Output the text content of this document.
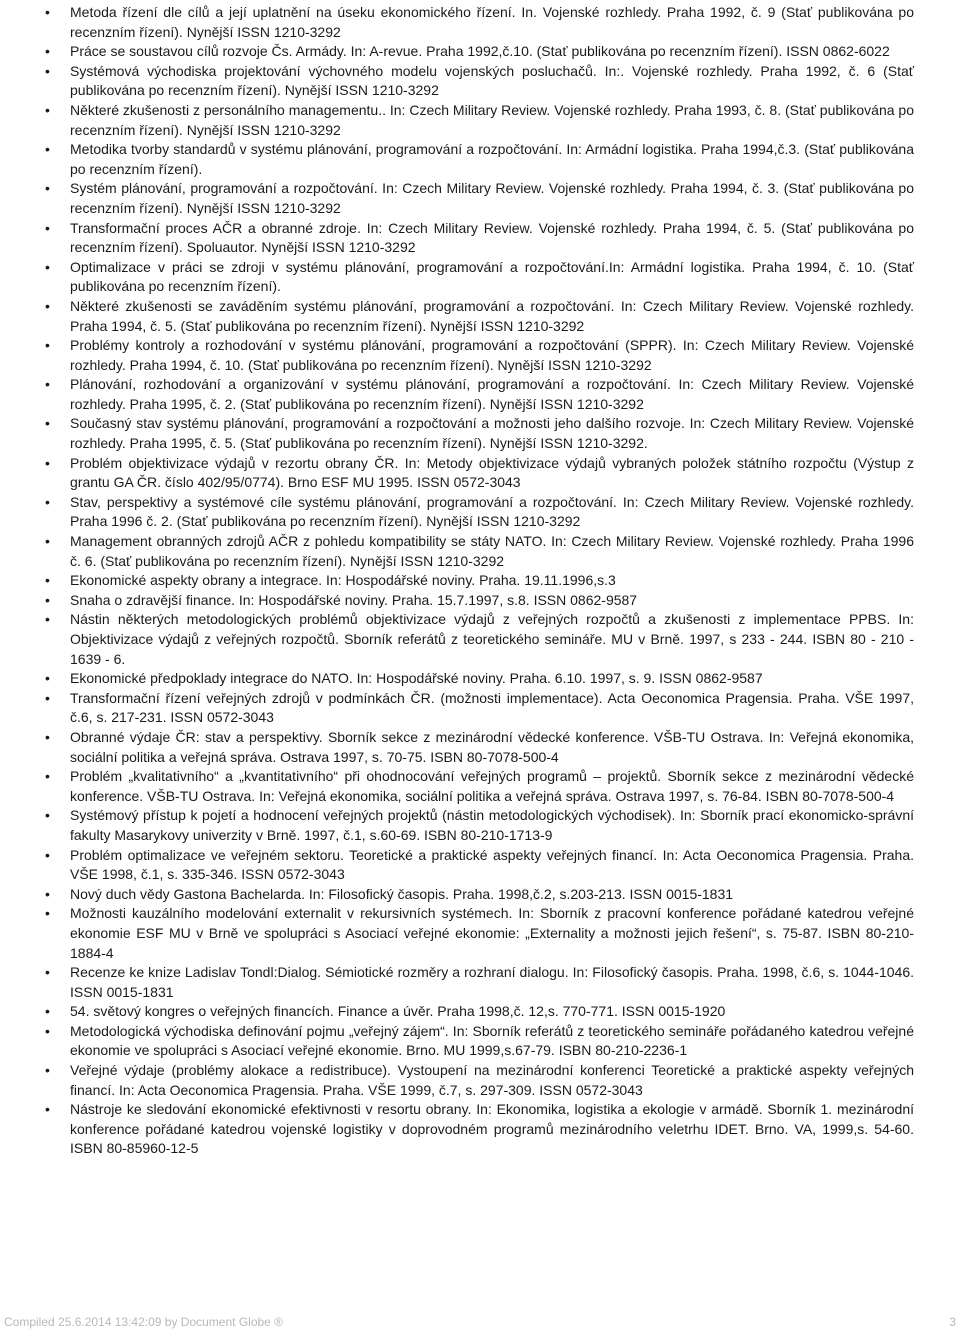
• Metoda řízení dle cílů a její uplatnění na úseku ekonomického řízení. In. Vojenské rozhledy. Praha 1992, č. 9 (Stať publikována po recenzním řízení). Nynější ISSN 1210-3292
• Práce se soustavou cílů rozvoje Čs. Armády. In: A-revue. Praha 1992,č.10. (Stať publikována po recenzním řízení). ISSN 0862-6022
• Systémová východiska projektování výchovného modelu vojenských posluchačů. In:. Vojenské rozhledy. Praha 1992, č. 6 (Stať publikována po recenzním řízení). Nynější ISSN 1210-3292
• Některé zkušenosti z personálního managementu.. In: Czech Military Review. Vojenské rozhledy. Praha 1993, č. 8. (Stať publikována po recenzním řízení). Nynější ISSN 1210-3292
• Metodika tvorby standardů v systému plánování, programování a rozpočtování. In: Armádní logistika. Praha 1994,č.3. (Stať publikována po recenzním řízení).
• Systém plánování, programování a rozpočtování. In: Czech Military Review. Vojenské rozhledy. Praha 1994, č. 3. (Stať publikována po recenzním řízení). Nynější ISSN 1210-3292
• Transformační proces AČR a obranné zdroje. In: Czech Military Review. Vojenské rozhledy. Praha 1994, č. 5. (Stať publikována po recenzním řízení). Spoluautor. Nynější ISSN 1210-3292
• Optimalizace v práci se zdroji v systému plánování, programování a rozpočtování.In: Armádní logistika. Praha 1994, č. 10. (Stať publikována po recenzním řízení).
• Některé zkušenosti se zaváděním systému plánování, programování a rozpočtování. In: Czech Military Review. Vojenské rozhledy. Praha 1994, č. 5. (Stať publikována po recenzním řízení). Nynější ISSN 1210-3292
• Problémy kontroly a rozhodování v systému plánování, programování a rozpočtování (SPPR). In: Czech Military Review. Vojenské rozhledy. Praha 1994, č. 10. (Stať publikována po recenzním řízení). Nynější ISSN 1210-3292
• Plánování, rozhodování a organizování v systému plánování, programování a rozpočtování. In: Czech Military Review. Vojenské rozhledy. Praha 1995, č. 2. (Stať publikována po recenzním řízení). Nynější ISSN 1210-3292
• Současný stav systému plánování, programování a rozpočtování a možnosti jeho dalšího rozvoje. In: Czech Military Review. Vojenské rozhledy. Praha 1995, č. 5. (Stať publikována po recenzním řízení). Nynější ISSN 1210-3292.
• Problém objektivizace výdajů v rezortu obrany ČR. In: Metody objektivizace výdajů vybraných položek státního rozpočtu (Výstup z grantu GA ČR. číslo 402/95/0774). Brno ESF MU 1995. ISSN 0572-3043
• Stav, perspektivy a systémové cíle systému plánování, programování a rozpočtování. In: Czech Military Review. Vojenské rozhledy. Praha 1996 č. 2. (Stať publikována po recenzním řízení). Nynější ISSN 1210-3292
• Management obranných zdrojů AČR z pohledu kompatibility se státy NATO. In: Czech Military Review. Vojenské rozhledy. Praha 1996 č. 6. (Stať publikována po recenzním řízení). Nynější ISSN 1210-3292
• Ekonomické aspekty obrany a integrace. In: Hospodářské noviny. Praha. 19.11.1996,s.3
• Snaha o zdravější finance. In: Hospodářské noviny. Praha. 15.7.1997, s.8. ISSN 0862-9587
• Nástin některých metodologických problémů objektivizace výdajů z veřejných rozpočtů a zkušenosti z implementace PPBS. In: Objektivizace výdajů z veřejných rozpočtů. Sborník referátů z teoretického semináře. MU v Brně. 1997, s 233 - 244. ISBN 80 - 210 - 1639 - 6.
• Ekonomické předpoklady integrace do NATO. In: Hospodářské noviny. Praha. 6.10. 1997, s. 9. ISSN 0862-9587
• Transformační řízení veřejných zdrojů v podmínkách ČR. (možnosti implementace). Acta Oeconomica Pragensia. Praha. VŠE 1997, č.6, s. 217-231. ISSN 0572-3043
• Obranné výdaje ČR: stav a perspektivy. Sborník sekce z mezinárodní vědecké konference. VŠB-TU Ostrava. In: Veřejná ekonomika, sociální politika a veřejná správa. Ostrava 1997, s. 70-75. ISBN 80-7078-500-4
• Problém „kvalitativního“ a „kvantitativního“ při ohodnocování veřejných programů – projektů. Sborník sekce z mezinárodní vědecké konference. VŠB-TU Ostrava. In: Veřejná ekonomika, sociální politika a veřejná správa. Ostrava 1997, s. 76-84. ISBN 80-7078-500-4
• Systémový přístup k pojetí a hodnocení veřejných projektů (nástin metodologických východisek). In: Sborník prací ekonomicko-správní fakulty Masarykovy univerzity v Brně. 1997, č.1, s.60-69. ISBN 80-210-1713-9
• Problém optimalizace ve veřejném sektoru. Teoretické a praktické aspekty veřejných financí. In: Acta Oeconomica Pragensia. Praha. VŠE 1998, č.1, s. 335-346. ISSN 0572-3043
• Nový duch vědy Gastona Bachelarda. In: Filosofický časopis. Praha. 1998,č.2, s.203-213. ISSN 0015-1831
• Možnosti kauzálního modelování externalit v rekursivních systémech. In: Sborník z pracovní konference pořádané katedrou veřejné ekonomie ESF MU v Brně ve spolupráci s Asociací veřejné ekonomie: „Externality a možnosti jejich řešení“, s. 75-87. ISBN 80-210-1884-4
• Recenze ke knize Ladislav Tondl:Dialog. Sémiotické rozměry a rozhraní dialogu. In: Filosofický časopis. Praha. 1998, č.6, s. 1044-1046. ISSN 0015-1831
• 54. světový kongres o veřejných financích. Finance a úvěr. Praha 1998,č. 12,s. 770-771. ISSN 0015-1920
• Metodologická východiska definování pojmu „veřejný zájem“. In: Sborník referátů z teoretického semináře pořádaného katedrou veřejné ekonomie ve spolupráci s Asociací veřejné ekonomie. Brno. MU 1999,s.67-79. ISBN 80-210-2236-1
• Veřejné výdaje (problémy alokace a redistribuce). Vystoupení na mezinárodní konferenci Teoretické a praktické aspekty veřejných financí. In: Acta Oeconomica Pragensia. Praha. VŠE 1999, č.7, s. 297-309. ISSN 0572-3043
• Nástroje ke sledování ekonomické efektivnosti v resortu obrany. In: Ekonomika, logistika a ekologie v armádě. Sborník 1. mezinárodní konference pořádané katedrou vojenské logistiky v doprovodném programů mezinárodního veletrhu IDET. Brno. VA, 1999,s. 54-60. ISBN 80-85960-12-5
Compiled 25.6.2014 13:42:09 by Document Globe ®	3
